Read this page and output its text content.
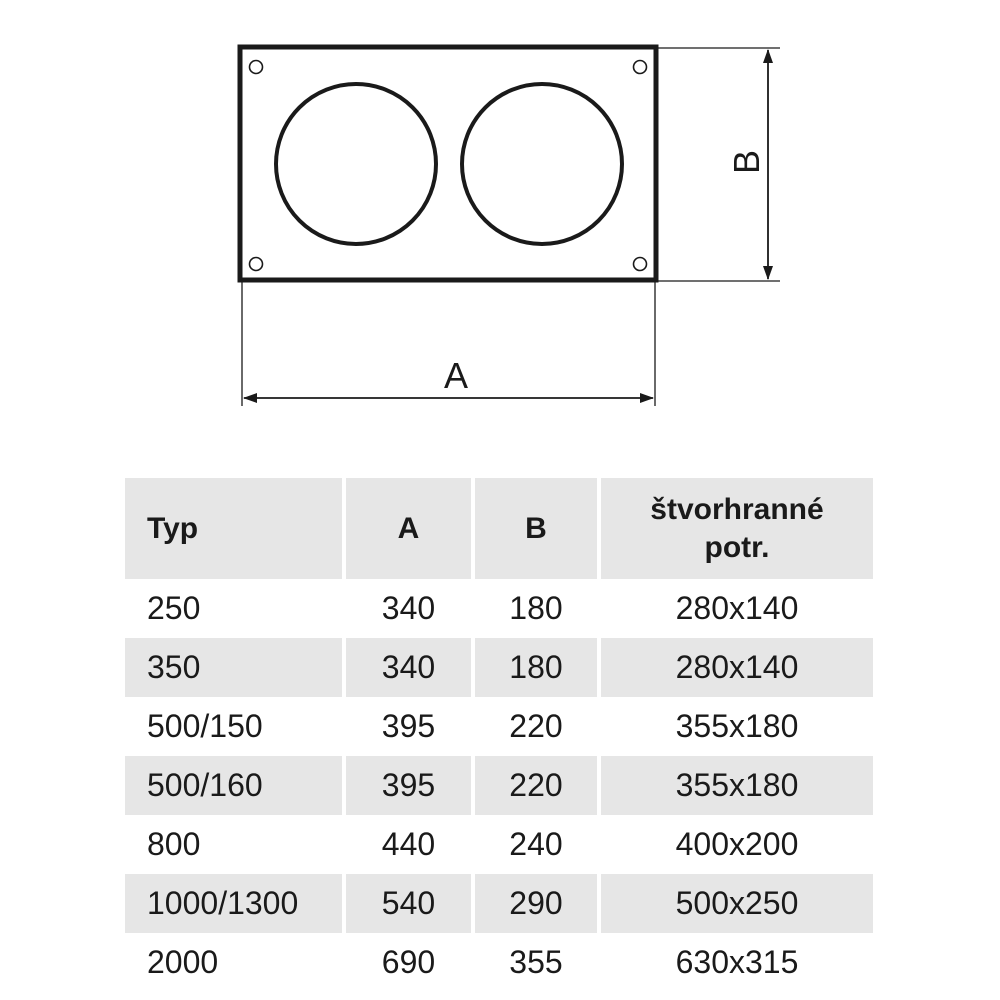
A
B
Typ	A	B	štvorhranné
potr.

250	340	180	280x140
350	340	180	280x140
500/150	395	220	355x180
500/160	395	220	355x180
800	440	240	400x200
1000/1300	540	290	500x250
2000	690	355	630x315
